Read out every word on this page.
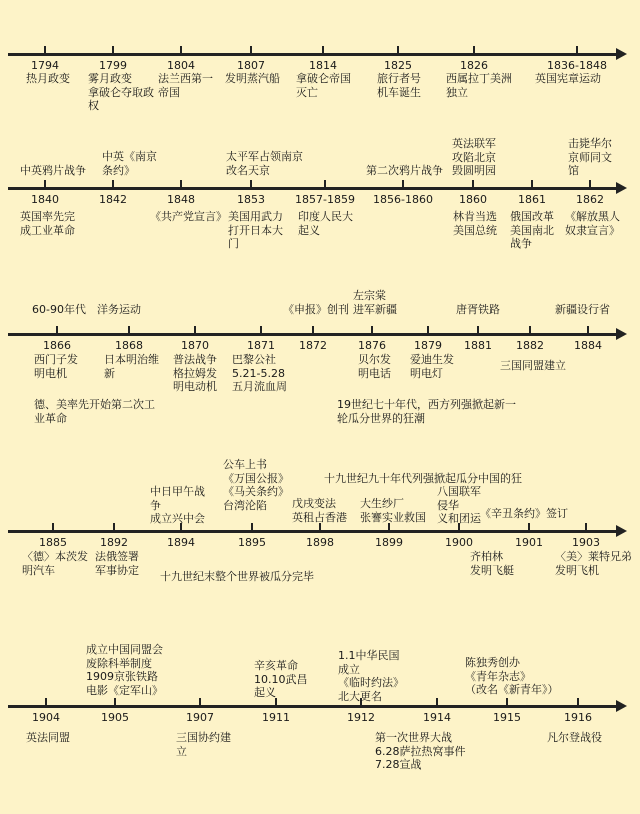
1794	1799	1804	1807	1814	1825	1826	1836-1848
热月政变 雾月政变
拿破仑夺取政
权
法兰西第一
帝国
发明蒸汽船 拿破仑帝国
灭亡
旅行者号
机车诞生
西属拉丁美洲
独立
英国宪章运动
1840	1842	1848	1853	1857-1859 1856-1860 1860	1861	1862
中英鸦片战争
中英《南京
条约》
太平军占领南京
改名天京	第二次鸦片战争
英法联军
攻陷北京
毁圆明园
击毙华尔
京师同文
馆
英国率先完
成工业革命
《共产党宣言》 美国用武力
打开日本大
门
印度人民大
起义
林肯当选
美国总统
俄国改革
美国南北
战争
《解放黑人
奴隶宣言》
1866	1868	1870	1871 1872	1876	1879 1881 1882	1884
60-90年代 洋务运动	《申报》创刊
左宗棠
进军新疆	唐胥铁路	新疆设行省
西门子发
明电机
日本明治维
新
普法战争
格拉姆发
明电动机
巴黎公社
5.21-5.28
五月流血周
贝尔发
明电话
爱迪生发
明电灯
三国同盟建立
德、美率先开始第二次工
业革命
19世纪七十年代，西方列强掀起新一
轮瓜分世界的狂潮
1885	1892	1894	1895	1898	1899	1900	1901	1903
十九世纪九十年代列强掀起瓜分中国的狂
公车上书
《万国公报》
《马关条约》
台湾沦陷
中日甲午战
争
成立兴中会
戊戌变法
英租占香港
大生纱厂
张謇实业救国
八国联军
侵华
义和团运 《辛丑条约》签订
〈德〉本茨发
明汽车
法俄签署
军事协定 十九世纪末整个世界被瓜分完毕
齐柏林
发明飞艇
〈美〉莱特兄弟
发明飞机
1904	1905	1907	1911	1912	1914	1915	1916
成立中国同盟会
废除科举制度
1909京张铁路
电影《定军山》
辛亥革命
10.10武昌
起义
1.1中华民国
成立
《临时约法》
北大更名
陈独秀创办
《青年杂志》
（改名《新青年》）
英法同盟	三国协约建
立
第一次世界大战
6.28萨拉热窝事件
7.28宣战
凡尔登战役
